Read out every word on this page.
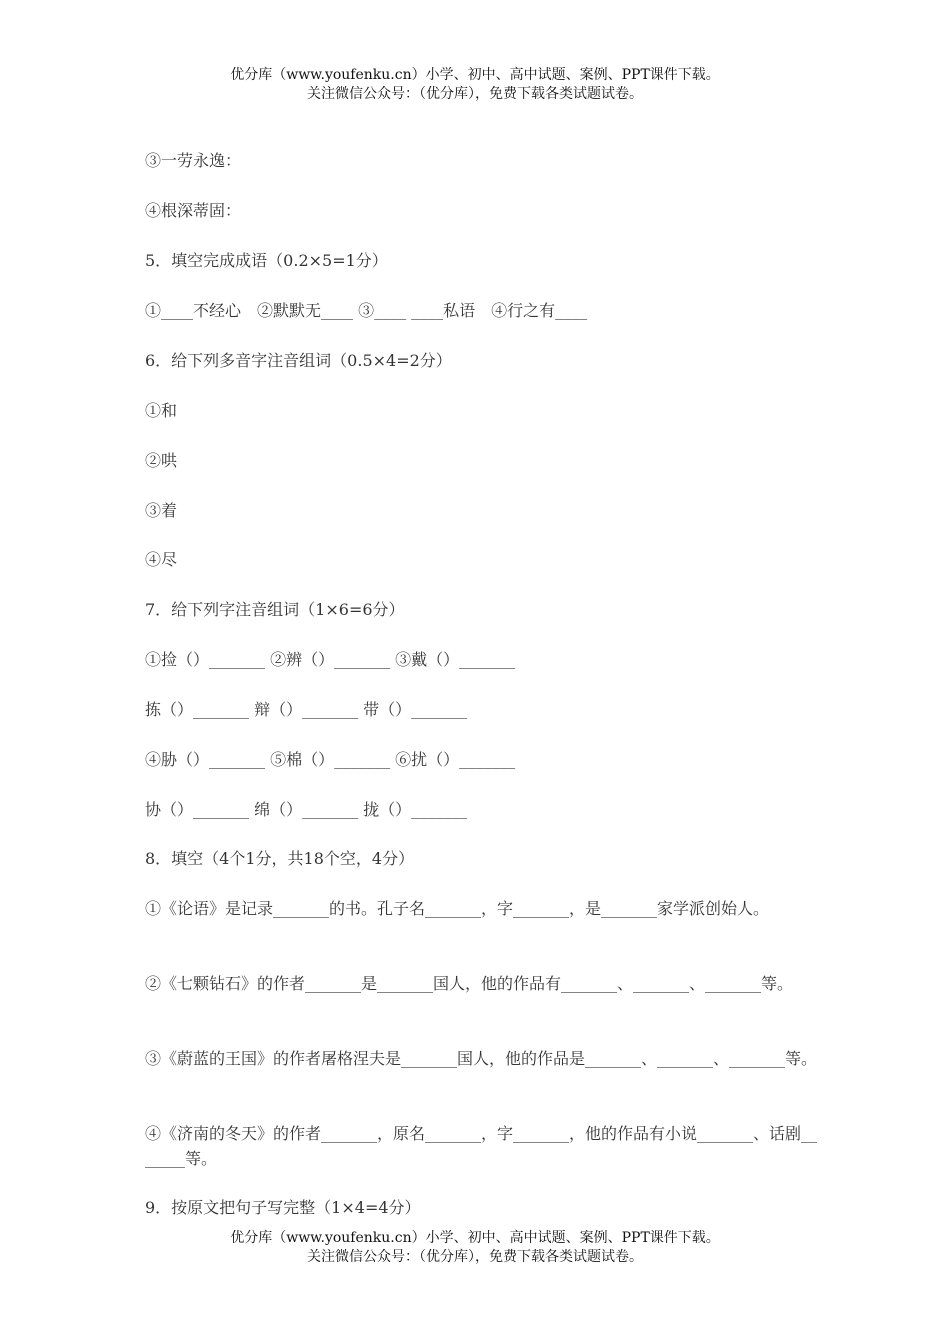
优分库（www.youfenku.cn）小学、初中、高中试题、案例、PPT课件下载。
关注微信公众号：（优分库），免费下载各类试题试卷。
③一劳永逸：
④根深蒂固：
5．填空完成成语（0.2×5=1分）
①____不经心　②默默无____ ③____ ____私语　④行之有____
6．给下列多音字注音组词（0.5×4=2分）
①和
②哄
③着
④尽
7．给下列字注音组词（1×6=6分）
①捡（）_______ ②辨（）_______ ③戴（）_______
拣（）_______ 辩（）_______ 带（）_______
④胁（）_______ ⑤棉（）_______ ⑥扰（）_______
协（）_______ 绵（）_______ 拢（）_______
8．填空（4个1分，共18个空，4分）
①《论语》是记录_______的书。孔子名_______，字_______，是_______家学派创始人。
②《七颗钻石》的作者_______是_______国人，他的作品有_______、_______、_______等。
③《蔚蓝的王国》的作者屠格涅夫是_______国人，他的作品是_______、_______、_______等。
④《济南的冬天》的作者_______，原名_______，字_______，他的作品有小说_______、话剧_______等。
9．按原文把句子写完整（1×4=4分）
优分库（www.youfenku.cn）小学、初中、高中试题、案例、PPT课件下载。
关注微信公众号：（优分库），免费下载各类试题试卷。
